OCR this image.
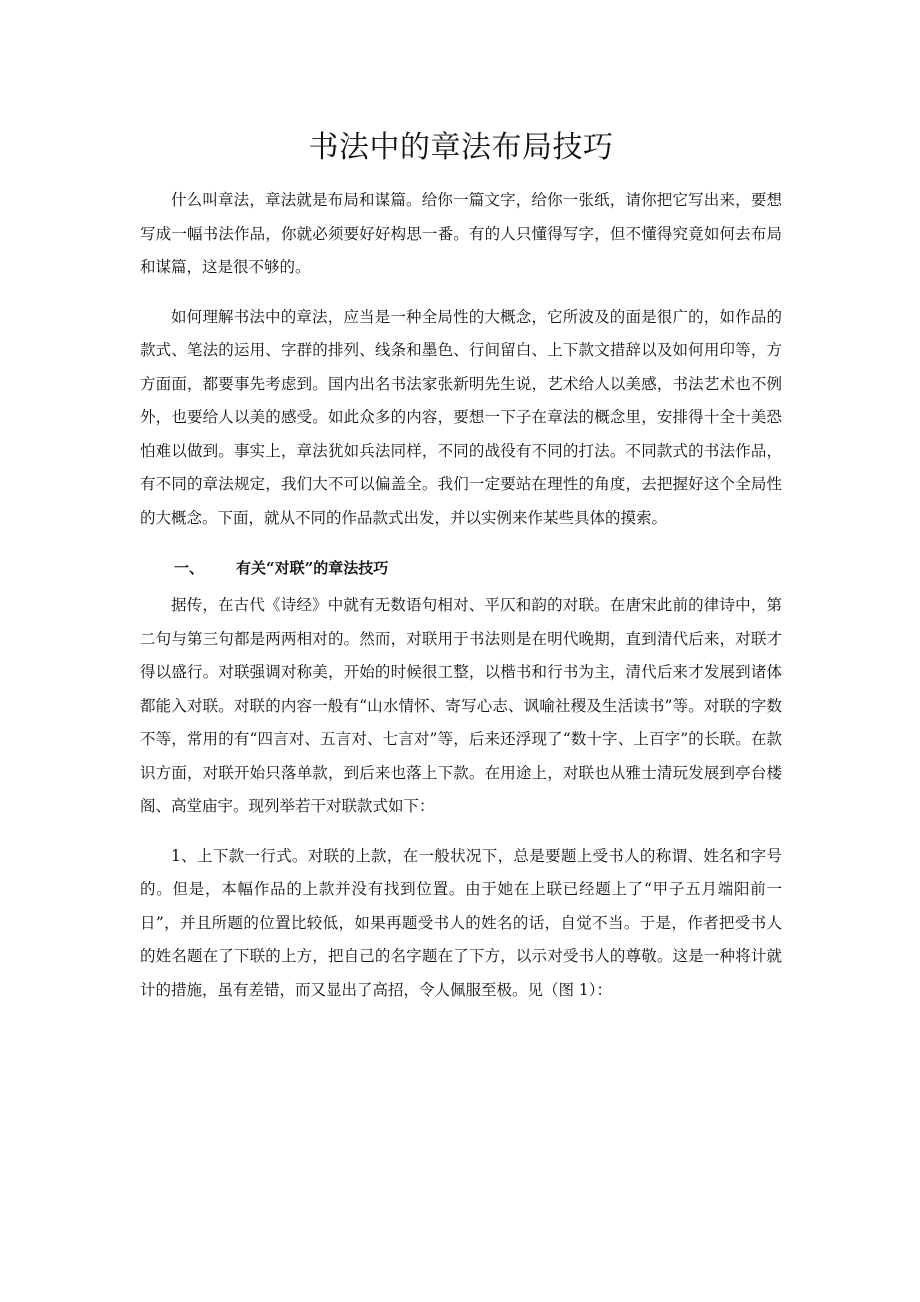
书法中的章法布局技巧

什么叫章法，章法就是布局和谋篇。给你一篇文字，给你一张纸，请你把它写出来，要想写成一幅书法作品，你就必须要好好构思一番。有的人只懂得写字，但不懂得究竟如何去布局和谋篇，这是很不够的。

如何理解书法中的章法，应当是一种全局性的大概念，它所波及的面是很广的，如作品的款式、笔法的运用、字群的排列、线条和墨色、行间留白、上下款文措辞以及如何用印等，方方面面，都要事先考虑到。国内出名书法家张新明先生说，艺术给人以美感，书法艺术也不例外，也要给人以美的感受。如此众多的内容，要想一下子在章法的概念里，安排得十全十美恐怕难以做到。事实上，章法犹如兵法同样，不同的战役有不同的打法。不同款式的书法作品，有不同的章法规定，我们大不可以偏盖全。我们一定要站在理性的角度，去把握好这个全局性的大概念。下面，就从不同的作品款式出发，并以实例来作某些具体的摸索。

一、 有关“对联”的章法技巧

据传，在古代《诗经》中就有无数语句相对、平仄和韵的对联。在唐宋此前的律诗中，第二句与第三句都是两两相对的。然而，对联用于书法则是在明代晚期，直到清代后来，对联才得以盛行。对联强调对称美，开始的时候很工整，以楷书和行书为主，清代后来才发展到诸体都能入对联。对联的内容一般有“山水情怀、寄写心志、讽喻社稷及生活读书”等。对联的字数不等，常用的有“四言对、五言对、七言对”等，后来还浮现了“数十字、上百字”的长联。在款识方面，对联开始只落单款，到后来也落上下款。在用途上，对联也从雅士清玩发展到亭台楼阁、高堂庙宇。现列举若干对联款式如下：

1、上下款一行式。对联的上款，在一般状况下，总是要题上受书人的称谓、姓名和字号的。但是，本幅作品的上款并没有找到位置。由于她在上联已经题上了“甲子五月端阳前一日”，并且所题的位置比较低，如果再题受书人的姓名的话，自觉不当。于是，作者把受书人的姓名题在了下联的上方，把自己的名字题在了下方，以示对受书人的尊敬。这是一种将计就计的措施，虽有差错，而又显出了高招，令人佩服至极。见（图 1）：
